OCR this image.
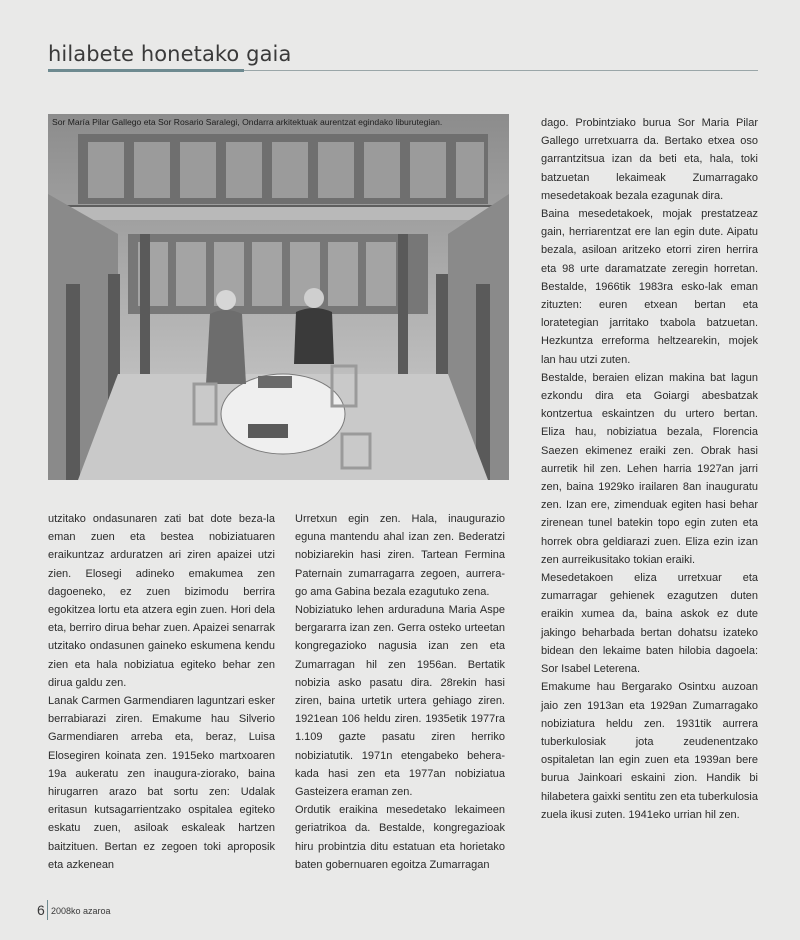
hilabete honetako gaia
Sor María Pilar Gallego eta Sor Rosario Saralegi, Ondarra arkitektuak aurentzat egindako liburutegian.

utzitako ondasunaren zati bat dote beza-la eman zuen eta bestea nobiziatuaren eraikuntzaz arduratzen ari ziren apaizei utzi zien. Elosegi adineko emakumea zen dagoeneko, ez zuen bizimodu berrira egokitzea lortu eta atzera egin zuen. Hori dela eta, berriro dirua behar zuen. Apaizei senarrak utzitako ondasunen gaineko eskumena kendu zien eta hala nobiziatua egiteko behar zen dirua galdu zen.

Lanak Carmen Garmendiaren laguntzari esker berrabiarazi ziren. Emakume hau Silverio Garmendiaren arreba eta, beraz, Luisa Elosegiren koinata zen. 1915eko martxoaren 19a aukeratu zen inaugura-ziorako, baina hirugarren arazo bat sortu zen: Udalak eritasun kutsagarrientzako ospitalea egiteko eskatu zuen, asiloak eskaleak hartzen baitzituen. Bertan ez zegoen toki aproposik eta azkenean

Urretxun egin zen. Hala, inaugurazio eguna mantendu ahal izan zen. Bederatzi nobiziarekin hasi ziren. Tartean Fermina Paternain zumarragarra zegoen, aurrera-go ama Gabina bezala ezagutuko zena.

Nobiziatuko lehen arduraduna Maria Aspe bergararra izan zen. Gerra osteko urteetan kongregazioko nagusia izan zen eta Zumarragan hil zen 1956an. Bertatik nobizia asko pasatu dira. 28rekin hasi ziren, baina urtetik urtera gehiago ziren. 1921ean 106 heldu ziren. 1935etik 1977ra 1.109 gazte pasatu ziren herriko nobiziatutik. 1971n etengabeko behera-kada hasi zen eta 1977an nobiziatua Gasteizera eraman zen.

Ordutik eraikina mesedetako lekaimeen geriatrikoa da. Bestalde, kongregazioak hiru probintzia ditu estatuan eta horietako baten gobernuaren egoitza Zumarragan

dago. Probintziako burua Sor Maria Pilar Gallego urretxuarra da. Bertako etxea oso garrantzitsua izan da beti eta, hala, toki batzuetan lekaimeak Zumarragako mesedetakoak bezala ezagunak dira.

Baina mesedetakoek, mojak prestatzeaz gain, herriarentzat ere lan egin dute. Aipatu bezala, asiloan aritzeko etorri ziren herrira eta 98 urte daramatzate zeregin horretan. Bestalde, 1966tik 1983ra esko-lak eman zituzten: euren etxean bertan eta loratetegian jarritako txabola batzuetan. Hezkuntza erreforma heltzearekin, mojek lan hau utzi zuten.

Bestalde, beraien elizan makina bat lagun ezkondu dira eta Goiargi abesbatzak kontzertua eskaintzen du urtero bertan. Eliza hau, nobiziatua bezala, Florencia Saezen ekimenez eraiki zen. Obrak hasi aurretik hil zen. Lehen harria 1927an jarri zen, baina 1929ko irailaren 8an inauguratu zen. Izan ere, zimenduak egiten hasi behar zirenean tunel batekin topo egin zuten eta horrek obra geldiarazi zuen. Eliza ezin izan zen aurreikusitako tokian eraiki.

Mesedetakoen eliza urretxuar eta zumarragar gehienek ezagutzen duten eraikin xumea da, baina askok ez dute jakingo beharbada bertan dohatsu izateko bidean den lekaime baten hilobia dagoela: Sor Isabel Leterena.

Emakume hau Bergarako Osintxu auzoan jaio zen 1913an eta 1929an Zumarragako nobiziatura heldu zen. 1931tik aurrera tuberkulosiak jota zeudenentzako ospitaletan lan egin zuen eta 1939an bere burua Jainkoari eskaini zion. Handik bi hilabetera gaixki sentitu zen eta tuberkulosia zuela ikusi zuten. 1941eko urrian hil zen.

6 2008ko azaroa
